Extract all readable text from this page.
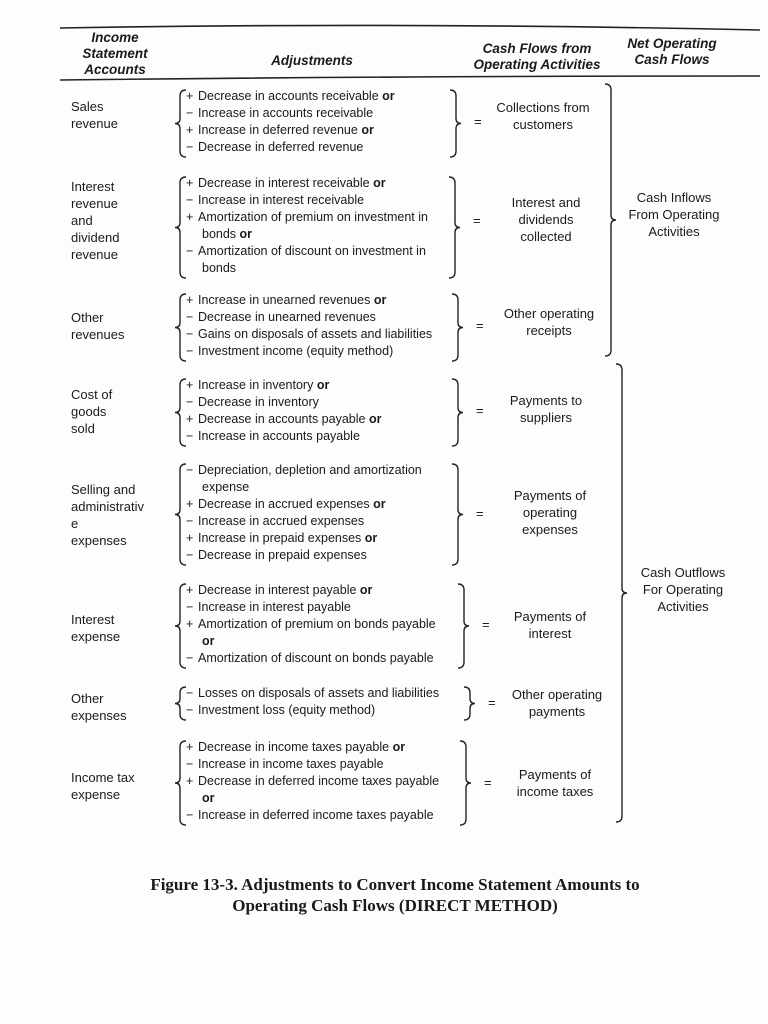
Income
Statement
Accounts
Adjustments
Cash Flows from
Operating Activities
Net Operating
Cash Flows
Sales
revenue
+ Decrease in accounts receivable or
− Increase in accounts receivable
+ Increase in deferred revenue or
− Decrease in deferred revenue
=
Collections from
customers
Interest
revenue
and
dividend
revenue
+ Decrease in interest receivable or
− Increase in interest receivable
+ Amortization of premium on investment in
bonds or
− Amortization of discount on investment in
bonds
=
Interest and
dividends
collected
Other
revenues
+ Increase in unearned revenues or
− Decrease in unearned revenues
− Gains on disposals of assets and liabilities
− Investment income (equity method)
=
Other operating
receipts
Cost of
goods
sold
+ Increase in inventory or
− Decrease in inventory
+ Decrease in accounts payable or
− Increase in accounts payable
=
Payments to
suppliers
Selling and
administrativ
e
expenses
− Depreciation, depletion and amortization
expense
+ Decrease in accrued expenses or
− Increase in accrued expenses
+ Increase in prepaid expenses or
− Decrease in prepaid expenses
=
Payments of
operating
expenses
Interest
expense
+ Decrease in interest payable or
− Increase in interest payable
+ Amortization of premium on bonds payable
or
− Amortization of discount on bonds payable
=
Payments of
interest
Other
expenses
− Losses on disposals of assets and liabilities
− Investment loss (equity method)	=
Other operating
payments
Income tax
expense
+ Decrease in income taxes payable or
− Increase in income taxes payable
+ Decrease in deferred income taxes payable
or
− Increase in deferred income taxes payable
=
Payments of
income taxes
Cash Inflows
From Operating
Activities
Cash Outflows
For Operating
Activities
Figure 13-3. Adjustments to Convert Income Statement Amounts to
Operating Cash Flows (DIRECT METHOD)
